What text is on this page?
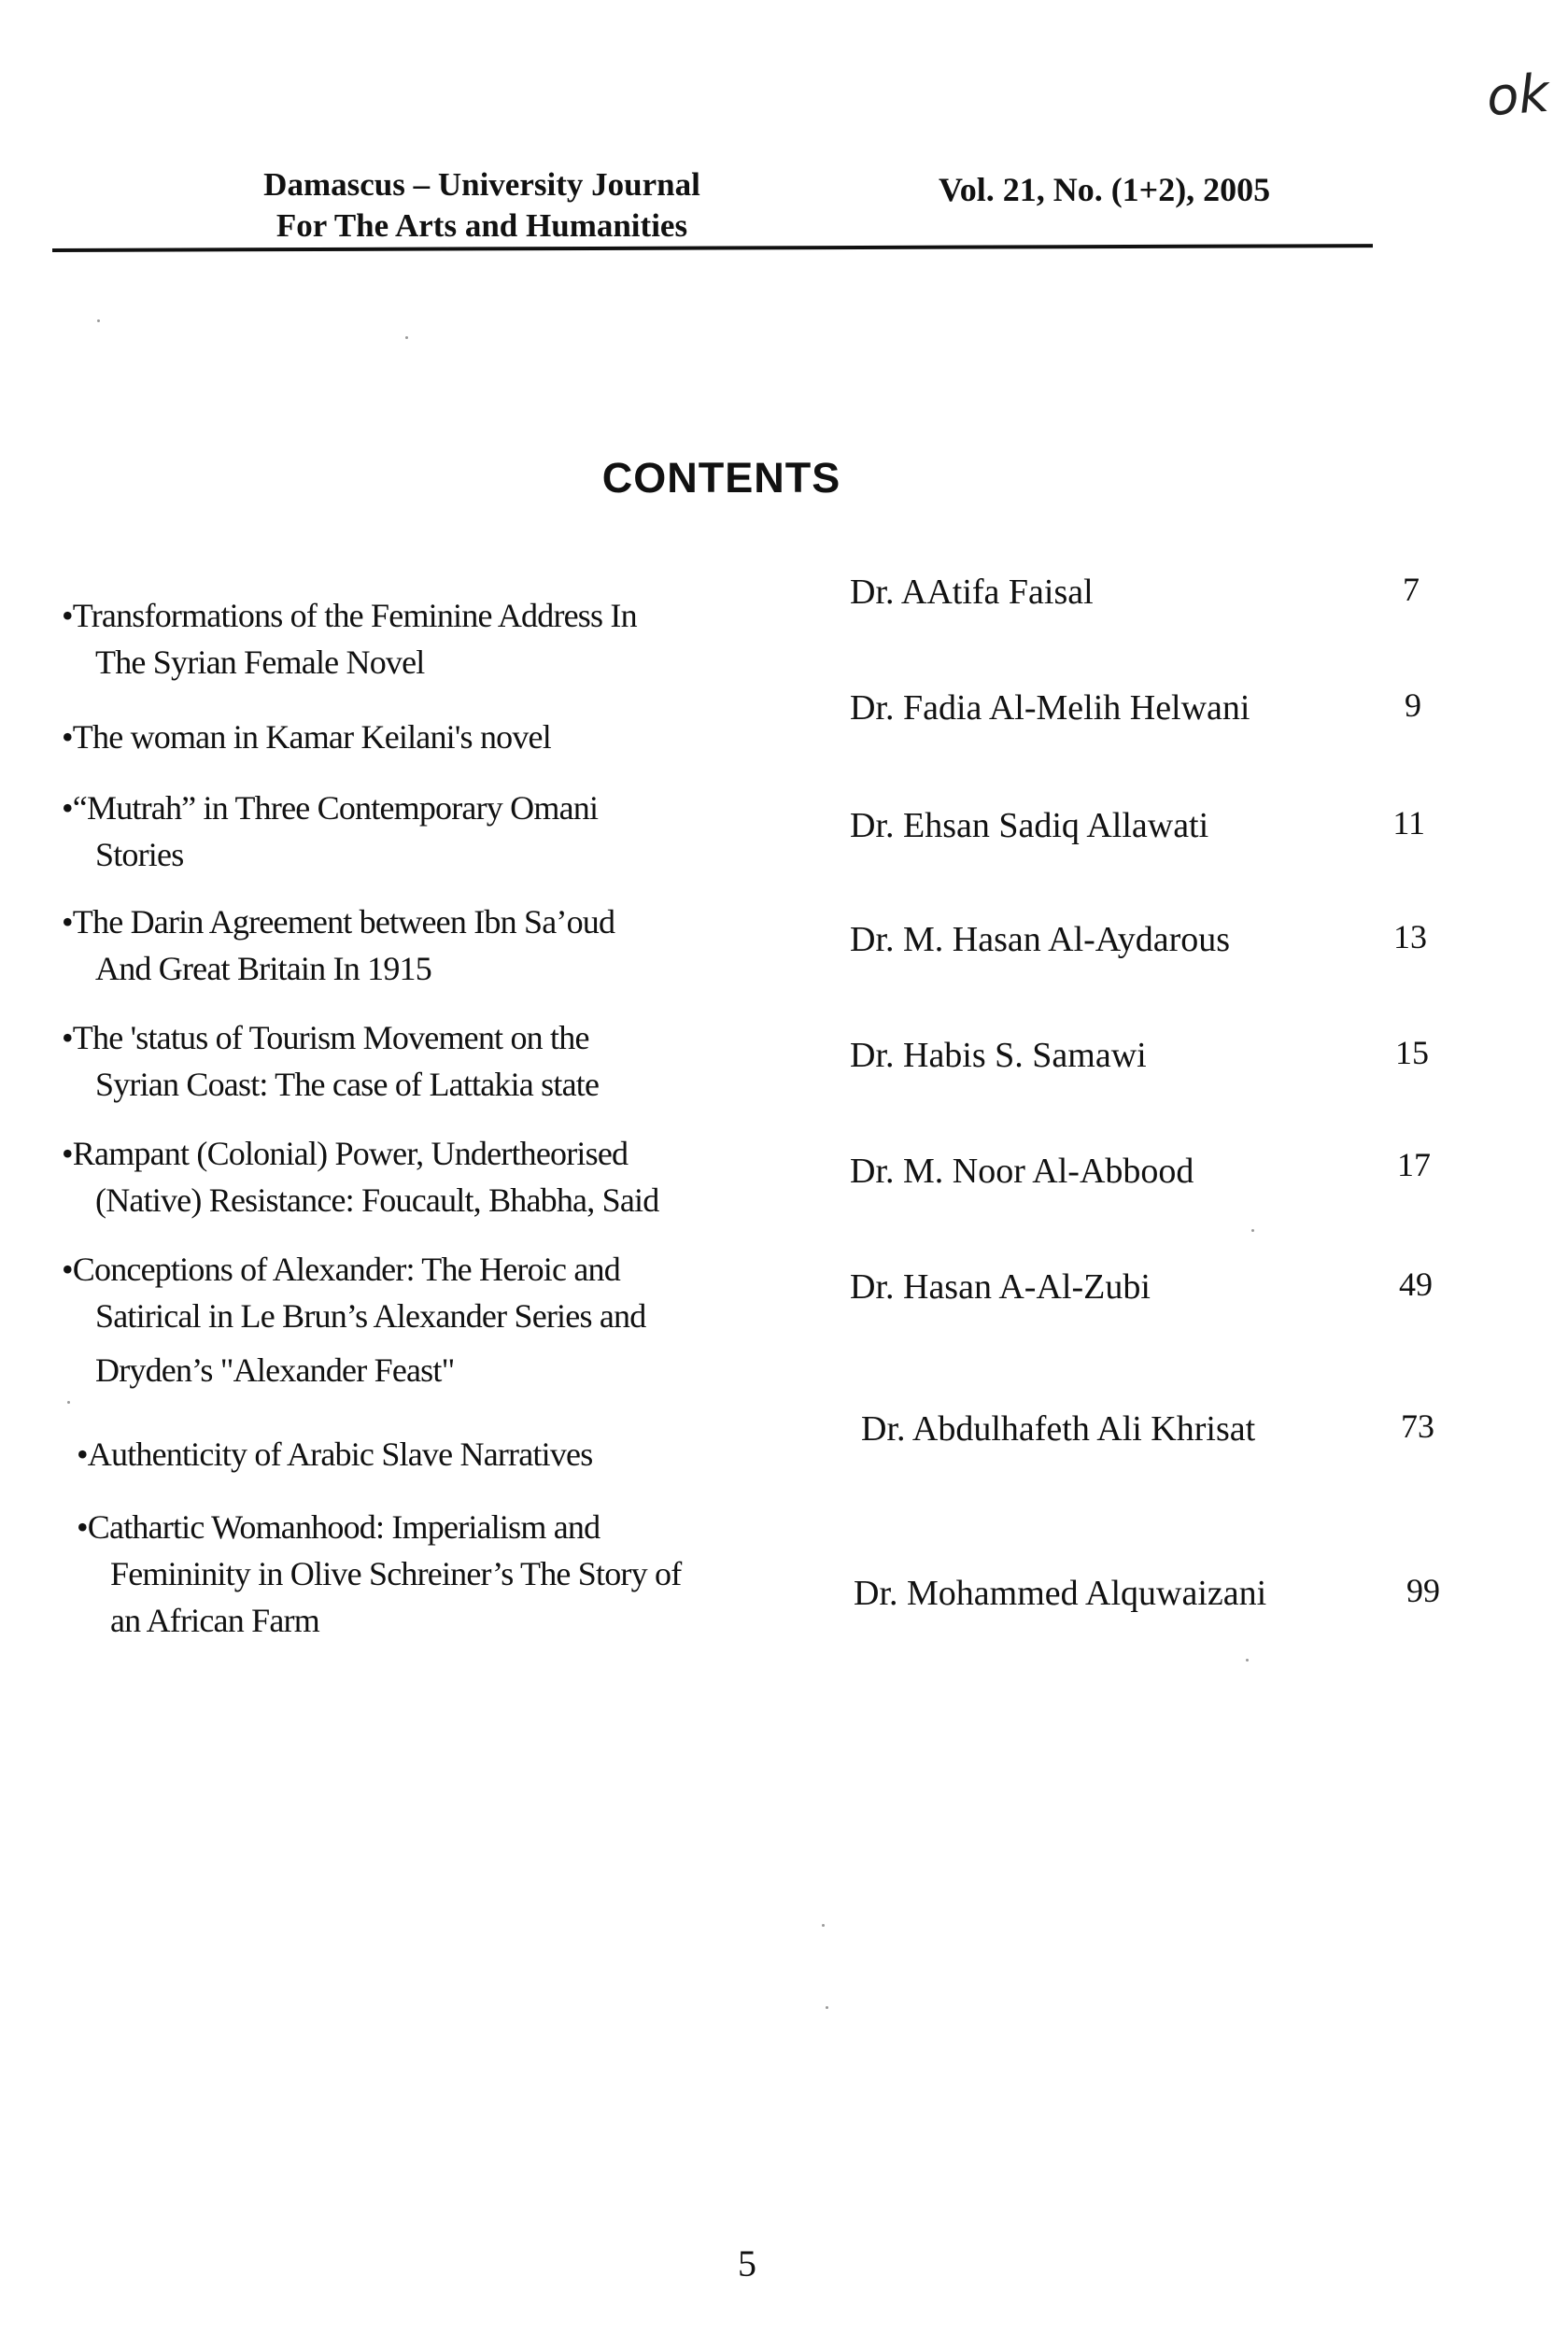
ok
Damascus – University Journal
For The Arts and Humanities
Vol. 21, No. (1+2), 2005
CONTENTS
•Transformations of the Feminine Address In
The Syrian Female Novel
Dr. AAtifa Faisal	7
•The woman in Kamar Keilani's novel
Dr. Fadia Al-Melih Helwani	9
•“Mutrah” in Three Contemporary Omani
Stories
Dr. Ehsan Sadiq Allawati	11
•The Darin Agreement between Ibn Sa’oud
And Great Britain In 1915
Dr. M. Hasan Al-Aydarous	13
•The 'status of Tourism Movement on the
Syrian Coast: The case of Lattakia state
Dr. Habis S. Samawi	15
•Rampant (Colonial) Power, Undertheorised
(Native) Resistance: Foucault, Bhabha, Said
Dr. M. Noor Al-Abbood	17
•Conceptions of Alexander: The Heroic and
Satirical in Le Brun’s Alexander Series and
Dryden’s "Alexander Feast"
Dr. Hasan A-Al-Zubi	49
•Authenticity of Arabic Slave Narratives
Dr. Abdulhafeth Ali Khrisat	73
•Cathartic Womanhood: Imperialism and
Femininity in Olive Schreiner’s The Story of
an African Farm
Dr. Mohammed Alquwaizani	99
5
